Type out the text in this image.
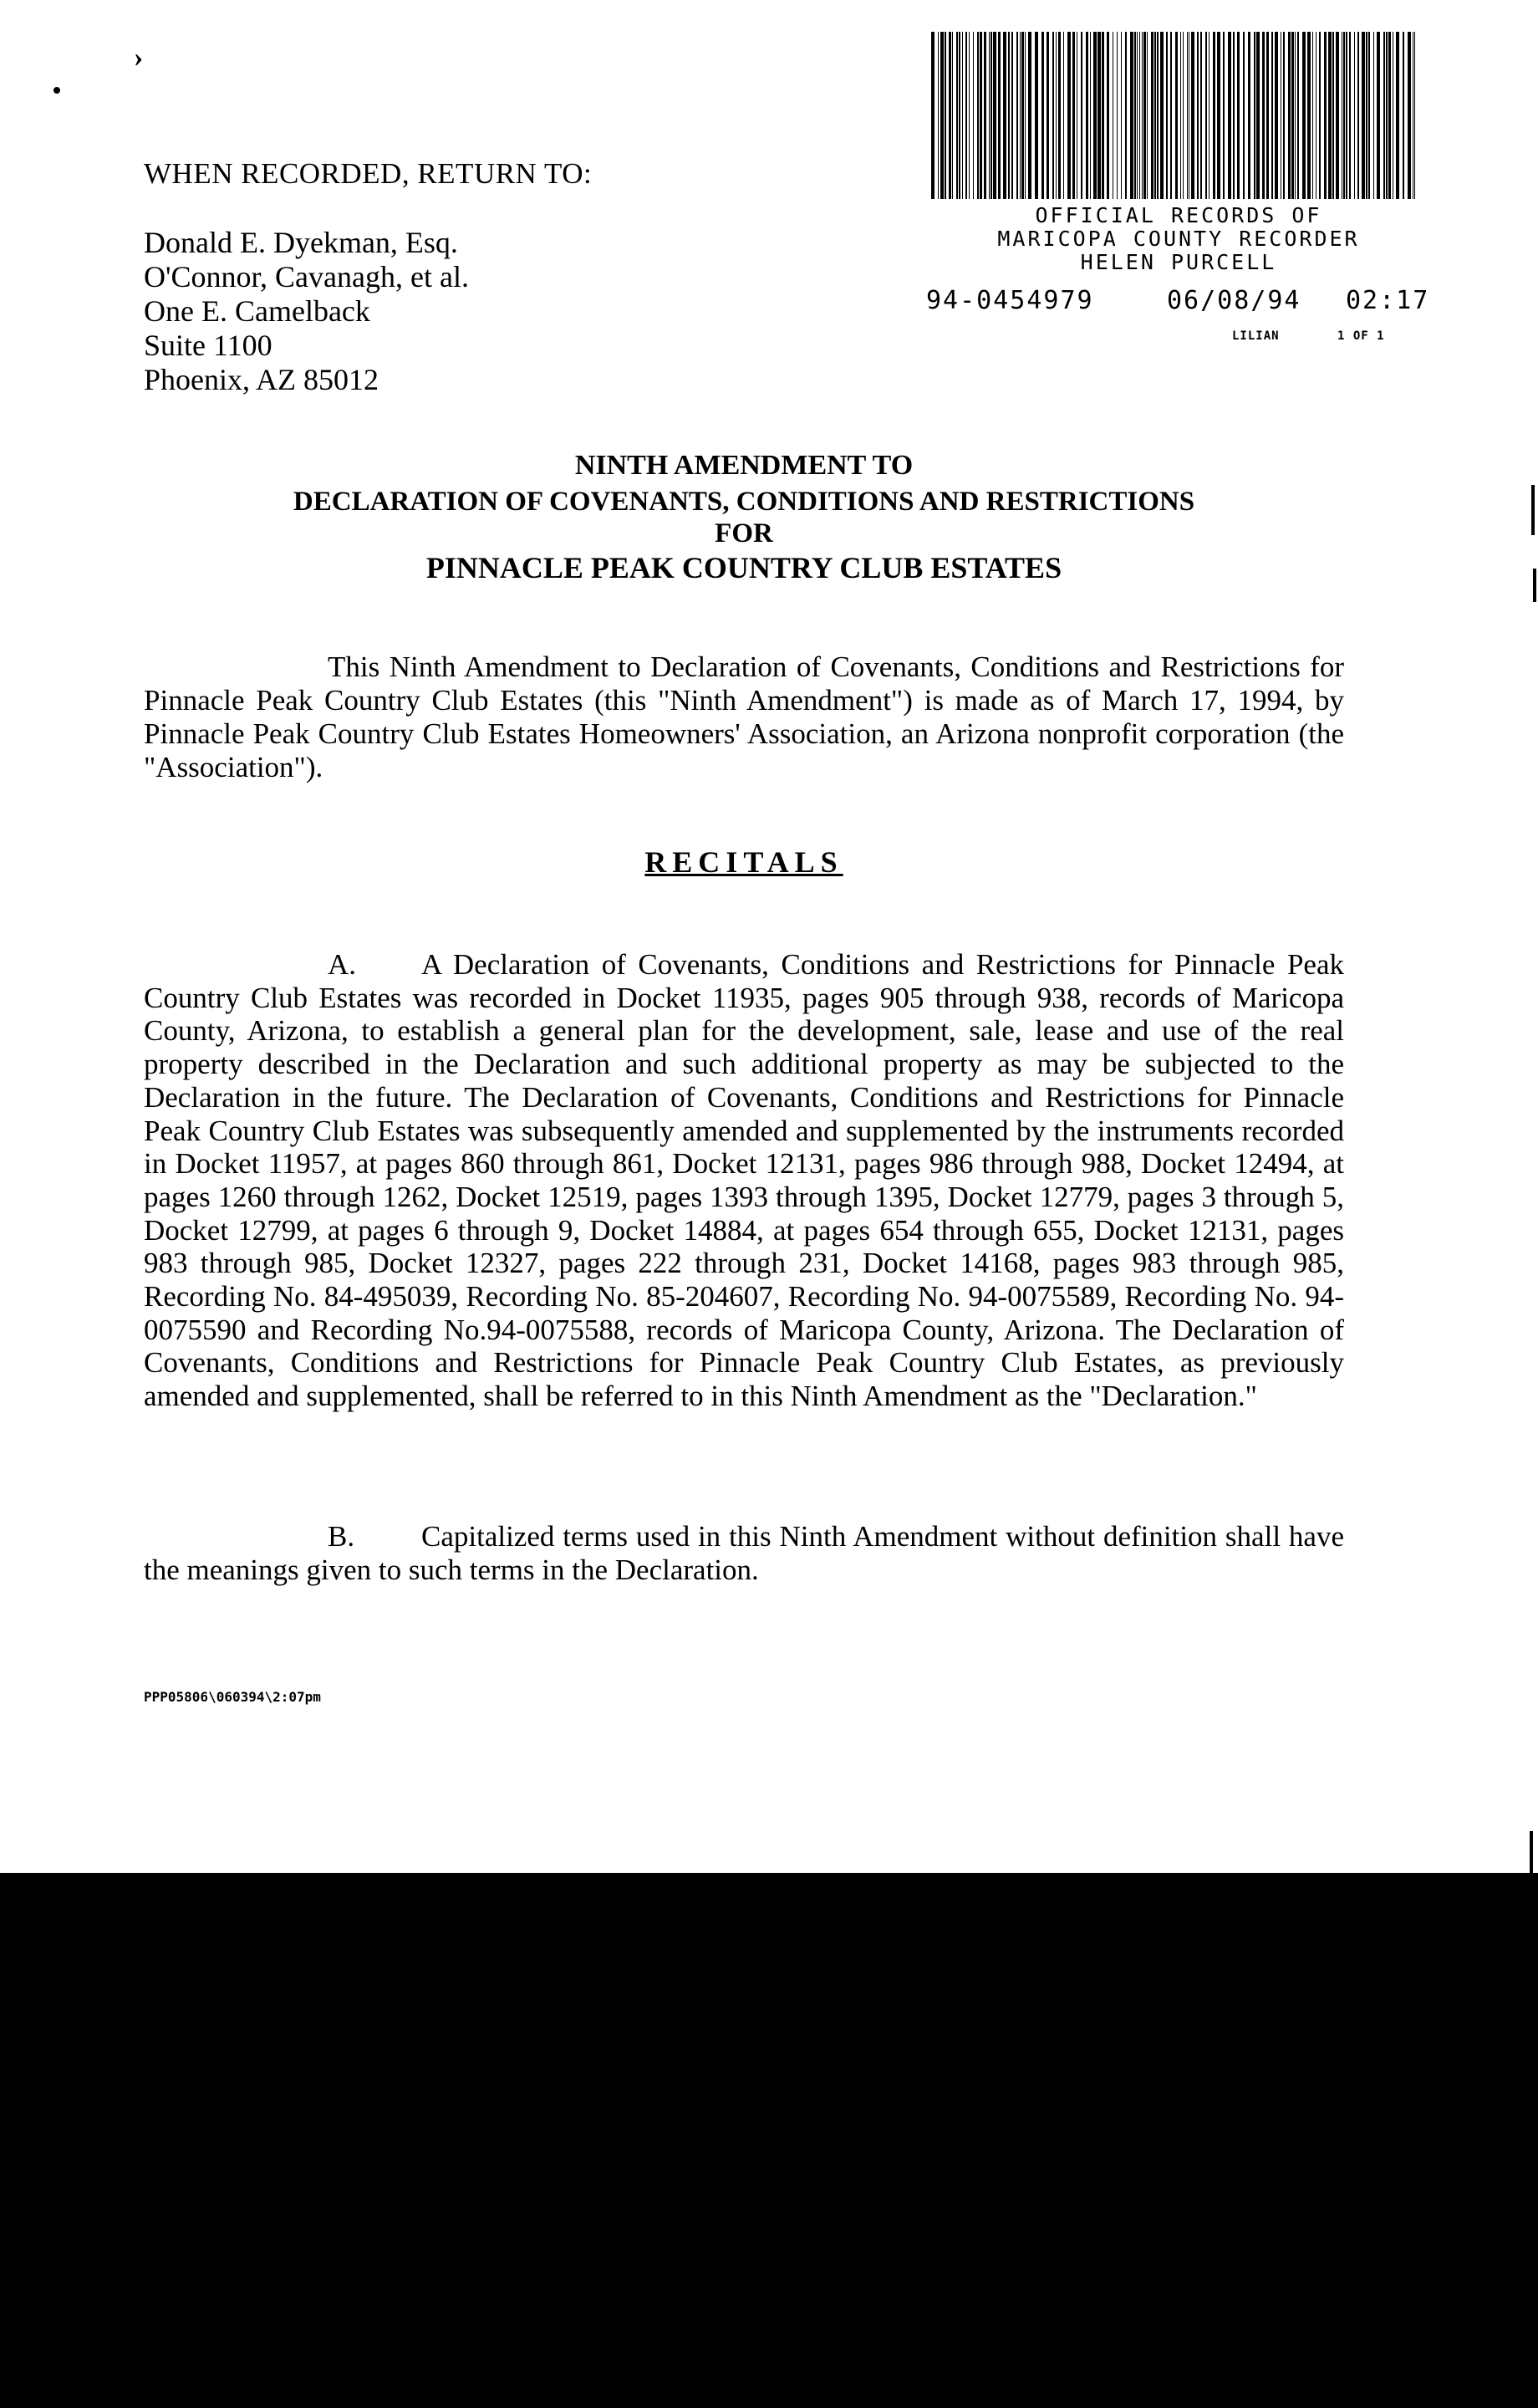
›
WHEN RECORDED, RETURN TO:
Donald E. Dyekman, Esq.
O'Connor, Cavanagh, et al.
One E. Camelback
Suite 1100
Phoenix, AZ 85012
OFFICIAL RECORDS OF
MARICOPA COUNTY RECORDER
HELEN PURCELL
94-0454979	06/08/94 02:17
LILIAN	1 OF 1
NINTH AMENDMENT TO
DECLARATION OF COVENANTS, CONDITIONS AND RESTRICTIONS
FOR
PINNACLE PEAK COUNTRY CLUB ESTATES
This Ninth Amendment to Declaration of Covenants, Conditions and Restrictions for Pinnacle Peak Country Club Estates (this "Ninth Amendment") is made as of March 17, 1994, by Pinnacle Peak Country Club Estates Homeowners' Association, an Arizona nonprofit corporation (the "Association").
RECITALS
A. A Declaration of Covenants, Conditions and Restrictions for Pinnacle Peak Country Club Estates was recorded in Docket 11935, pages 905 through 938, records of Maricopa County, Arizona, to establish a general plan for the development, sale, lease and use of the real property described in the Declaration and such additional property as may be subjected to the Declaration in the future. The Declaration of Covenants, Conditions and Restrictions for Pinnacle Peak Country Club Estates was subsequently amended and supplemented by the instruments recorded in Docket 11957, at pages 860 through 861, Docket 12131, pages 986 through 988, Docket 12494, at pages 1260 through 1262, Docket 12519, pages 1393 through 1395, Docket 12779, pages 3 through 5, Docket 12799, at pages 6 through 9, Docket 14884, at pages 654 through 655, Docket 12131, pages 983 through 985, Docket 12327, pages 222 through 231, Docket 14168, pages 983 through 985, Recording No. 84-495039, Recording No. 85-204607, Recording No. 94-0075589, Recording No. 94-0075590 and Recording No.94-0075588, records of Maricopa County, Arizona. The Declaration of Covenants, Conditions and Restrictions for Pinnacle Peak Country Club Estates, as previously amended and supplemented, shall be referred to in this Ninth Amendment as the "Declaration."
B. Capitalized terms used in this Ninth Amendment without definition shall have the meanings given to such terms in the Declaration.
PPP05806\060394\2:07pm
